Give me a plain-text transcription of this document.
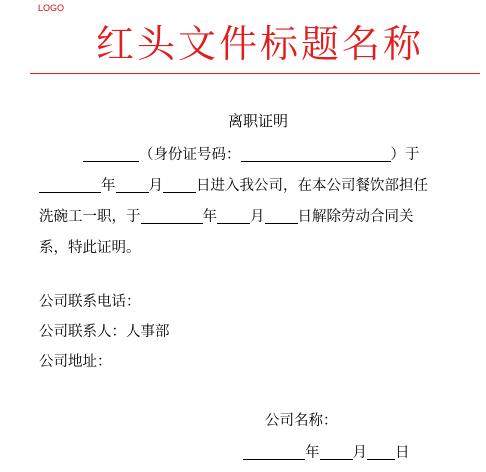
LOGO
红头文件标题名称
离职证明
（身份证号码：	）于
年 月 日进入我公司，在本公司餐饮部担任
洗碗工一职，于	年 月 日解除劳动合同关
系，特此证明。
公司联系电话：
公司联系人：人事部
公司地址：
公司名称：
年 月 日
